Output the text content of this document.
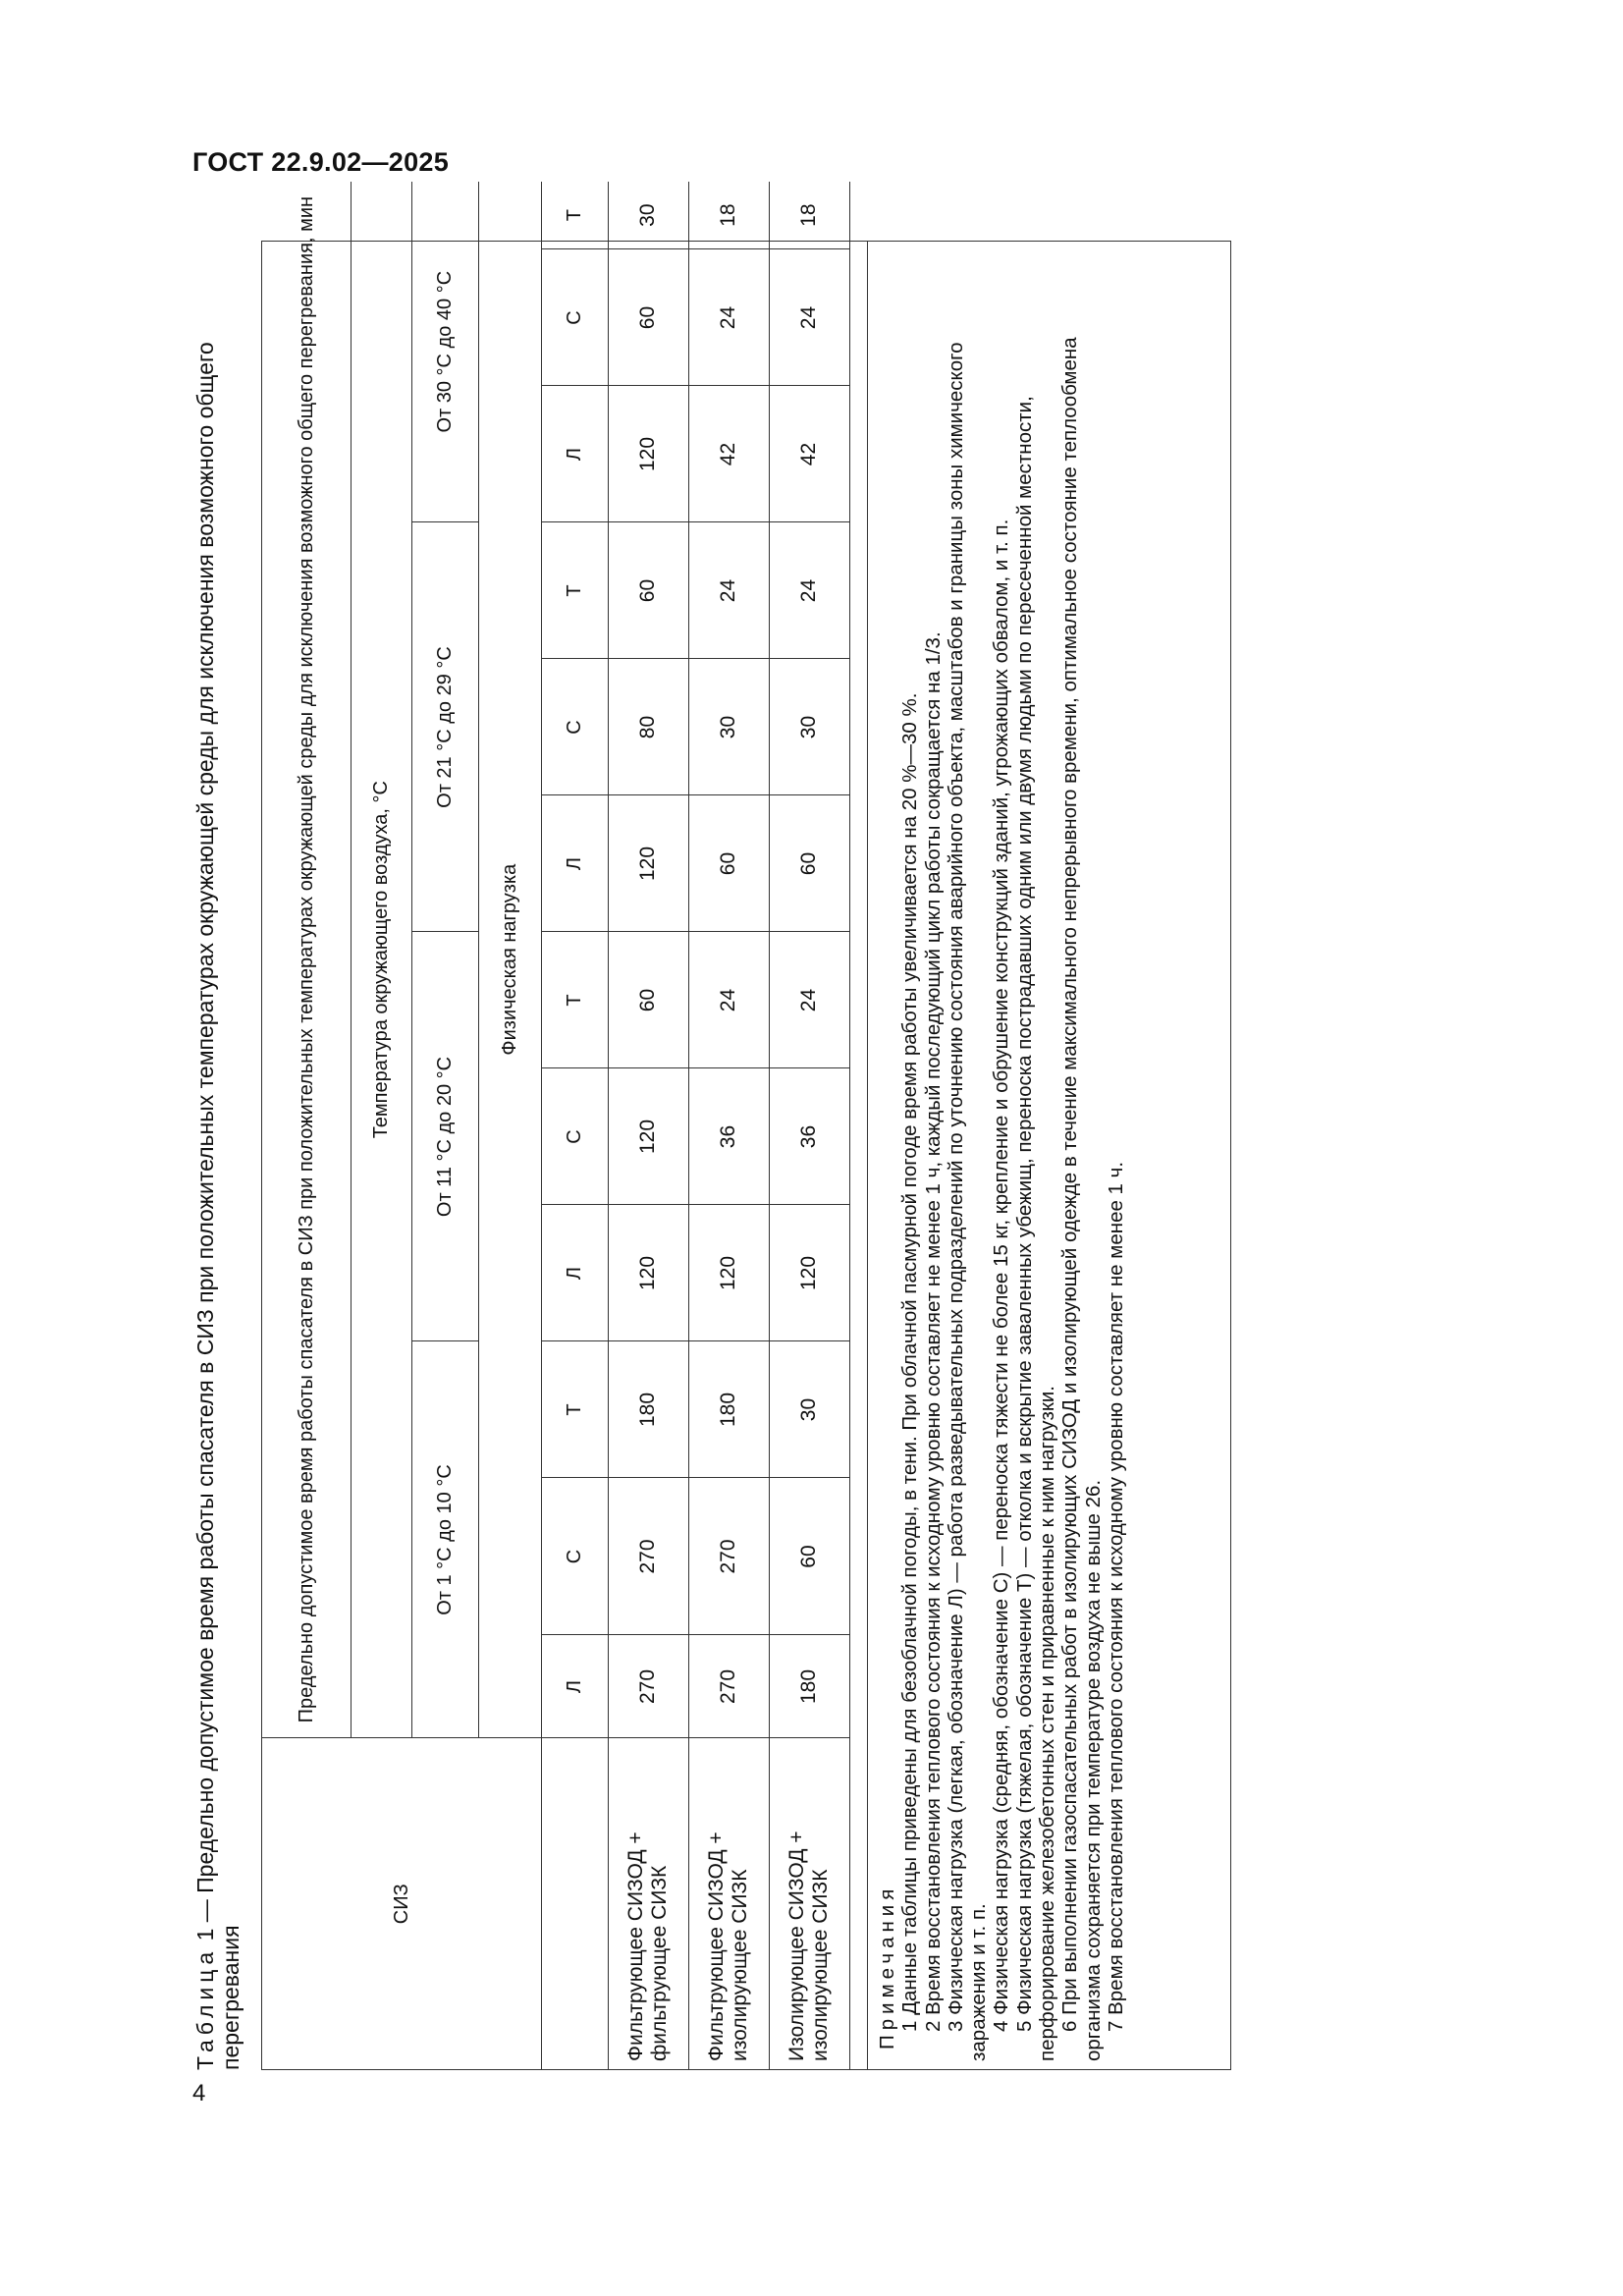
ГОСТ 22.9.02—2025
4
Таблица 1 — Предельно допустимое время работы спасателя в СИЗ при положительных температурах окружающей среды для исключения возможного общего перегревания
СИЗ	Предельно допустимое время работы спасателя в СИЗ при положительных температурах окружающей среды для исключения возможного общего перегревания, мин											
	Температура окружающего воздуха, °С											
	От 1 °С до 10 °С			От 11 °С до 20 °С			От 21 °С до 29 °С			От 30 °С до 40 °С		
	Физическая нагрузка											
	Л	С	Т	Л	С	Т	Л	С	Т	Л	С	Т
Фильтрующее СИЗОД + фильтрующее СИЗК	270	270	180	120	120	60	120	80	60	120	60	30
Фильтрующее СИЗОД + изолирующее СИЗК	270	270	180	120	36	24	60	30	24	42	24	18
Изолирующее СИЗОД + изолирующее СИЗК	180	60	30	120	36	24	60	30	24	42	24	18

Примечания 1 Данные таблицы приведены для безоблачной погоды, в тени. При облачной пасмурной погоде время работы увеличивается на 20 %—30 %. 2 Время восстановления теплового состояния к исходному уровню составляет не менее 1 ч, каждый последующий цикл работы сокращается на 1/3. 3 Физическая нагрузка (легкая, обозначение Л) — работа разведывательных подразделений по уточнению состояния аварийного объекта, масштабов и границы зоны химического заражения и т. п. 4 Физическая нагрузка (средняя, обозначение С) — переноска тяжести не более 15 кг, крепление и обрушение конструкций зданий, угрожающих обвалом, и т. п. 5 Физическая нагрузка (тяжелая, обозначение Т) — отколка и вскрытие заваленных убежищ, переноска пострадавших одним или двумя людьми по пересеченной местности, перфорирование железобетонных стен и приравненные к ним нагрузки. 6 При выполнении газоспасательных работ в изолирующих СИЗОД и изолирующей одежде в течение максимального непрерывного времени, оптимальное состояние теплообмена организма сохраняется при температуре воздуха не выше 26. 7 Время восстановления теплового состояния к исходному уровню составляет не менее 1 ч.
